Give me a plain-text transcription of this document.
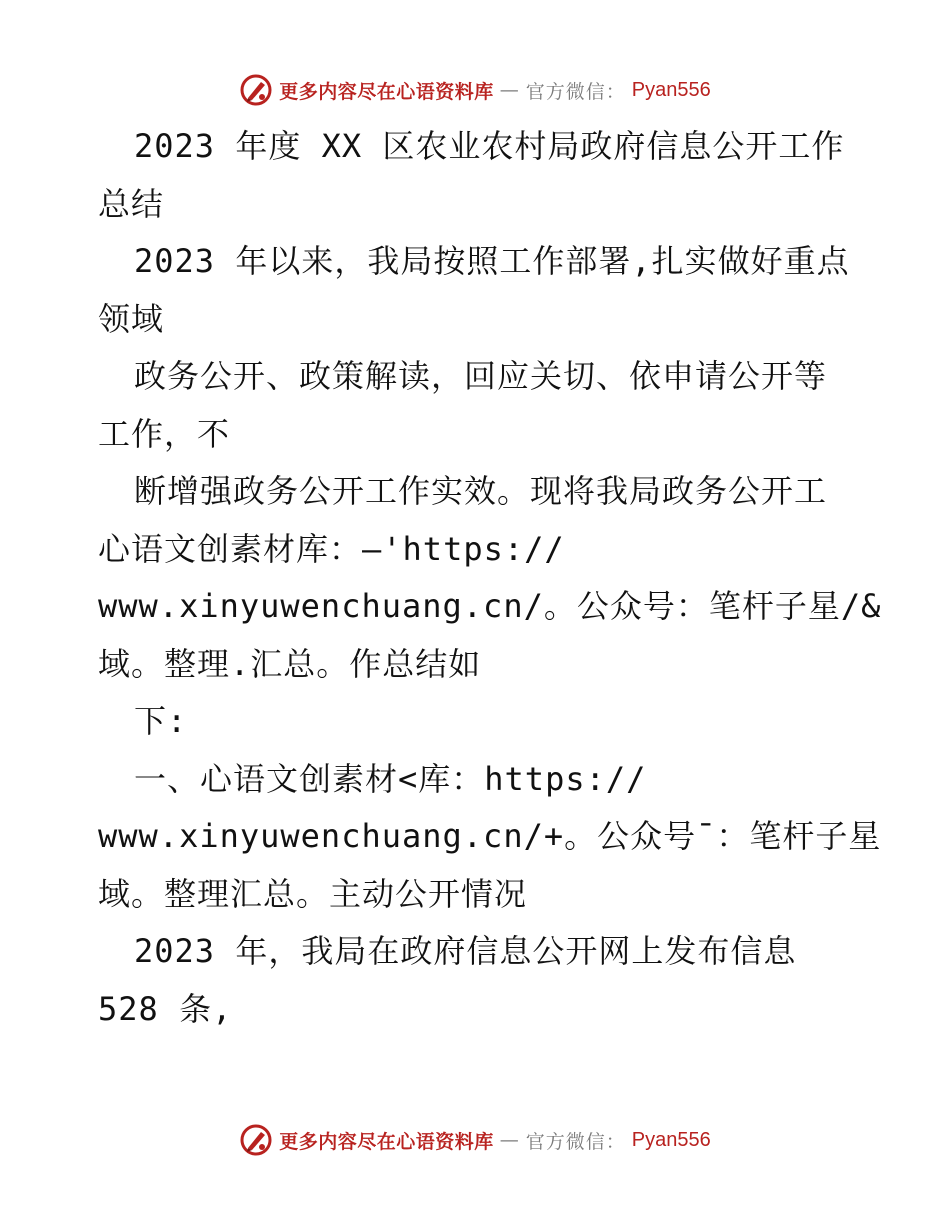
更多内容尽在心语资料库 — 官方微信： Pyan556
2023 年度 XX 区农业农村局政府信息公开工作
总结
2023 年以来，我局按照工作部署,扎实做好重点
领域
政务公开、政策解读，回应关切、依申请公开等
工作，不
断增强政务公开工作实效。现将我局政务公开工
心语文创素材库：—'https://
www.xinyuwenchuang.cn/。公众号：笔杆子星/&
域。整理.汇总。作总结如
下:
一、心语文创素材<库：https://
www.xinyuwenchuang.cn/+。公众号¯：笔杆子星
域。整理汇总。主动公开情况
2023 年，我局在政府信息公开网上发布信息
528 条,
更多内容尽在心语资料库 — 官方微信： Pyan556
